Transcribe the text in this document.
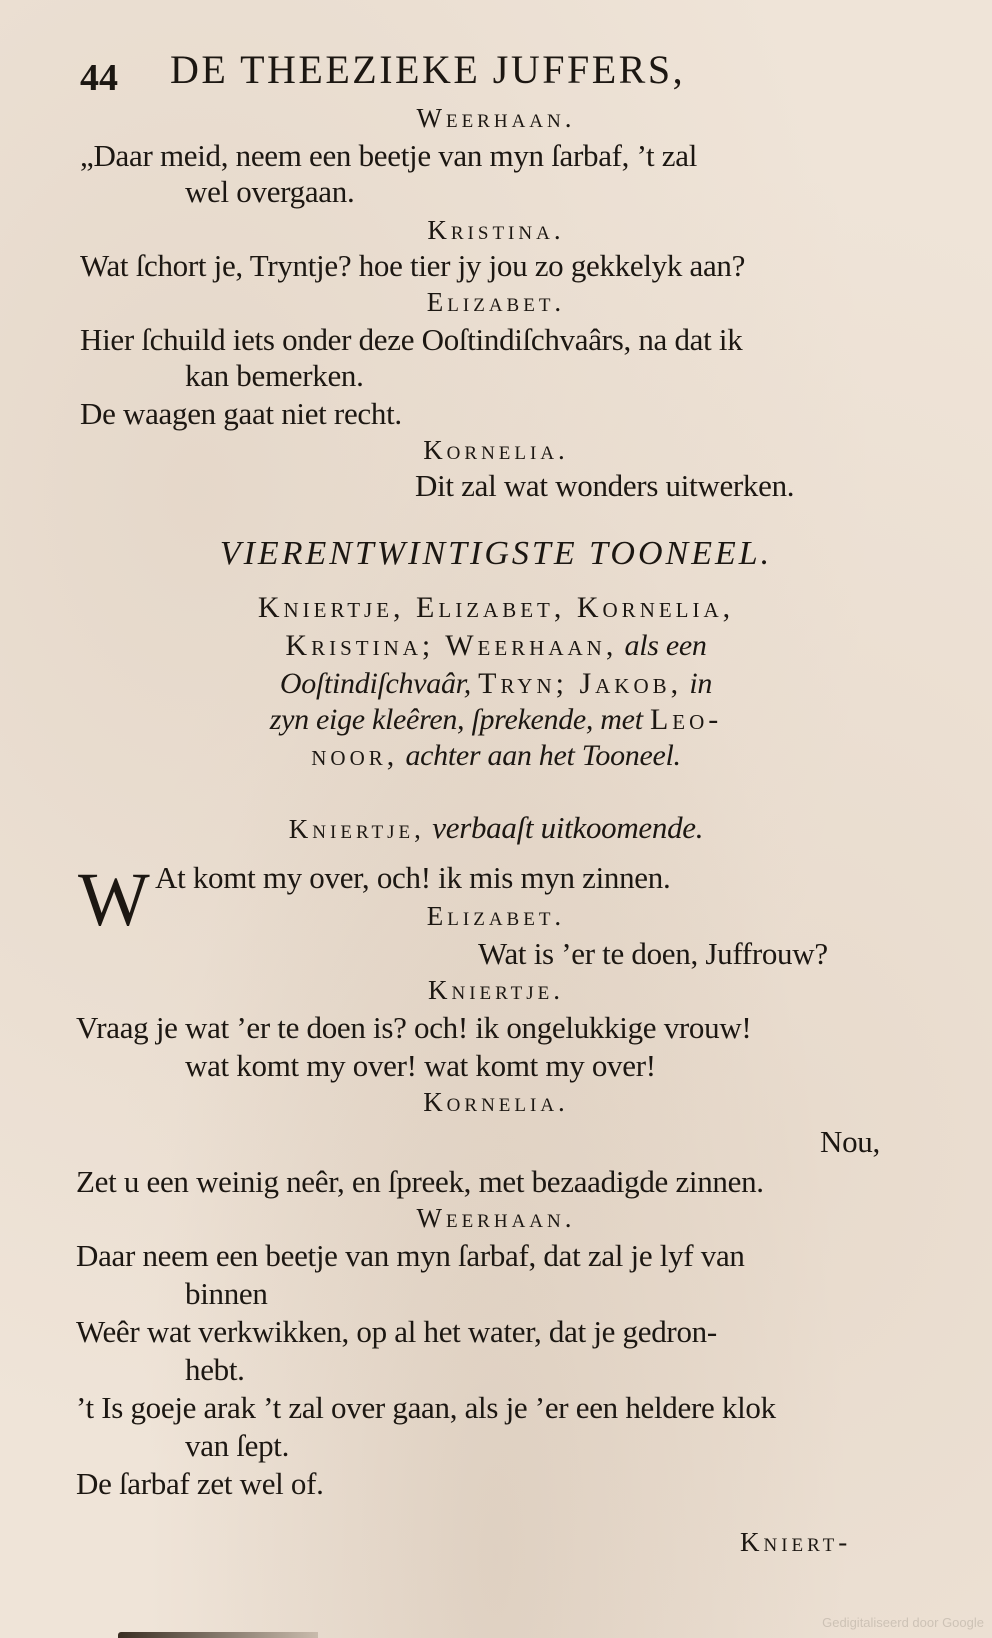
44 DE THEEZIEKE JUFFERS,
Weerhaan.
„Daar meid, neem een beetje van myn ſarbaf, ’t zal
wel overgaan.
Kristina.
Wat ſchort je, Tryntje? hoe tier jy jou zo gekkelyk aan?
Elizabet.
Hier ſchuild iets onder deze Ooſtindiſchvaârs, na dat ik
kan bemerken.
De waagen gaat niet recht.
Kornelia.
Dit zal wat wonders uitwerken.
VIERENTWINTIGSTE TOONEEL.
Kniertje, Elizabet, Kornelia,
Kristina; Weerhaan, als een
Ooſtindiſchvaâr, Tryn; Jakob, in
zyn eige kleêren, ſprekende, met Leo-
noor, achter aan het Tooneel.
Kniertje, verbaaſt uitkoomende.
W At komt my over, och! ik mis myn zinnen.
Elizabet.
Wat is ’er te doen, Juffrouw?
Kniertje.
Vraag je wat ’er te doen is? och! ik ongelukkige vrouw!
wat komt my over! wat komt my over!
Kornelia.
Nou,
Zet u een weinig neêr, en ſpreek, met bezaadigde zinnen.
Weerhaan.
Daar neem een beetje van myn ſarbaf, dat zal je lyf van
binnen
Weêr wat verkwikken, op al het water, dat je gedron-
hebt.
’t Is goeje arak ’t zal over gaan, als je ’er een heldere klok
van ſept.
De ſarbaf zet wel of.
Kniert-
Gedigitaliseerd door Google
